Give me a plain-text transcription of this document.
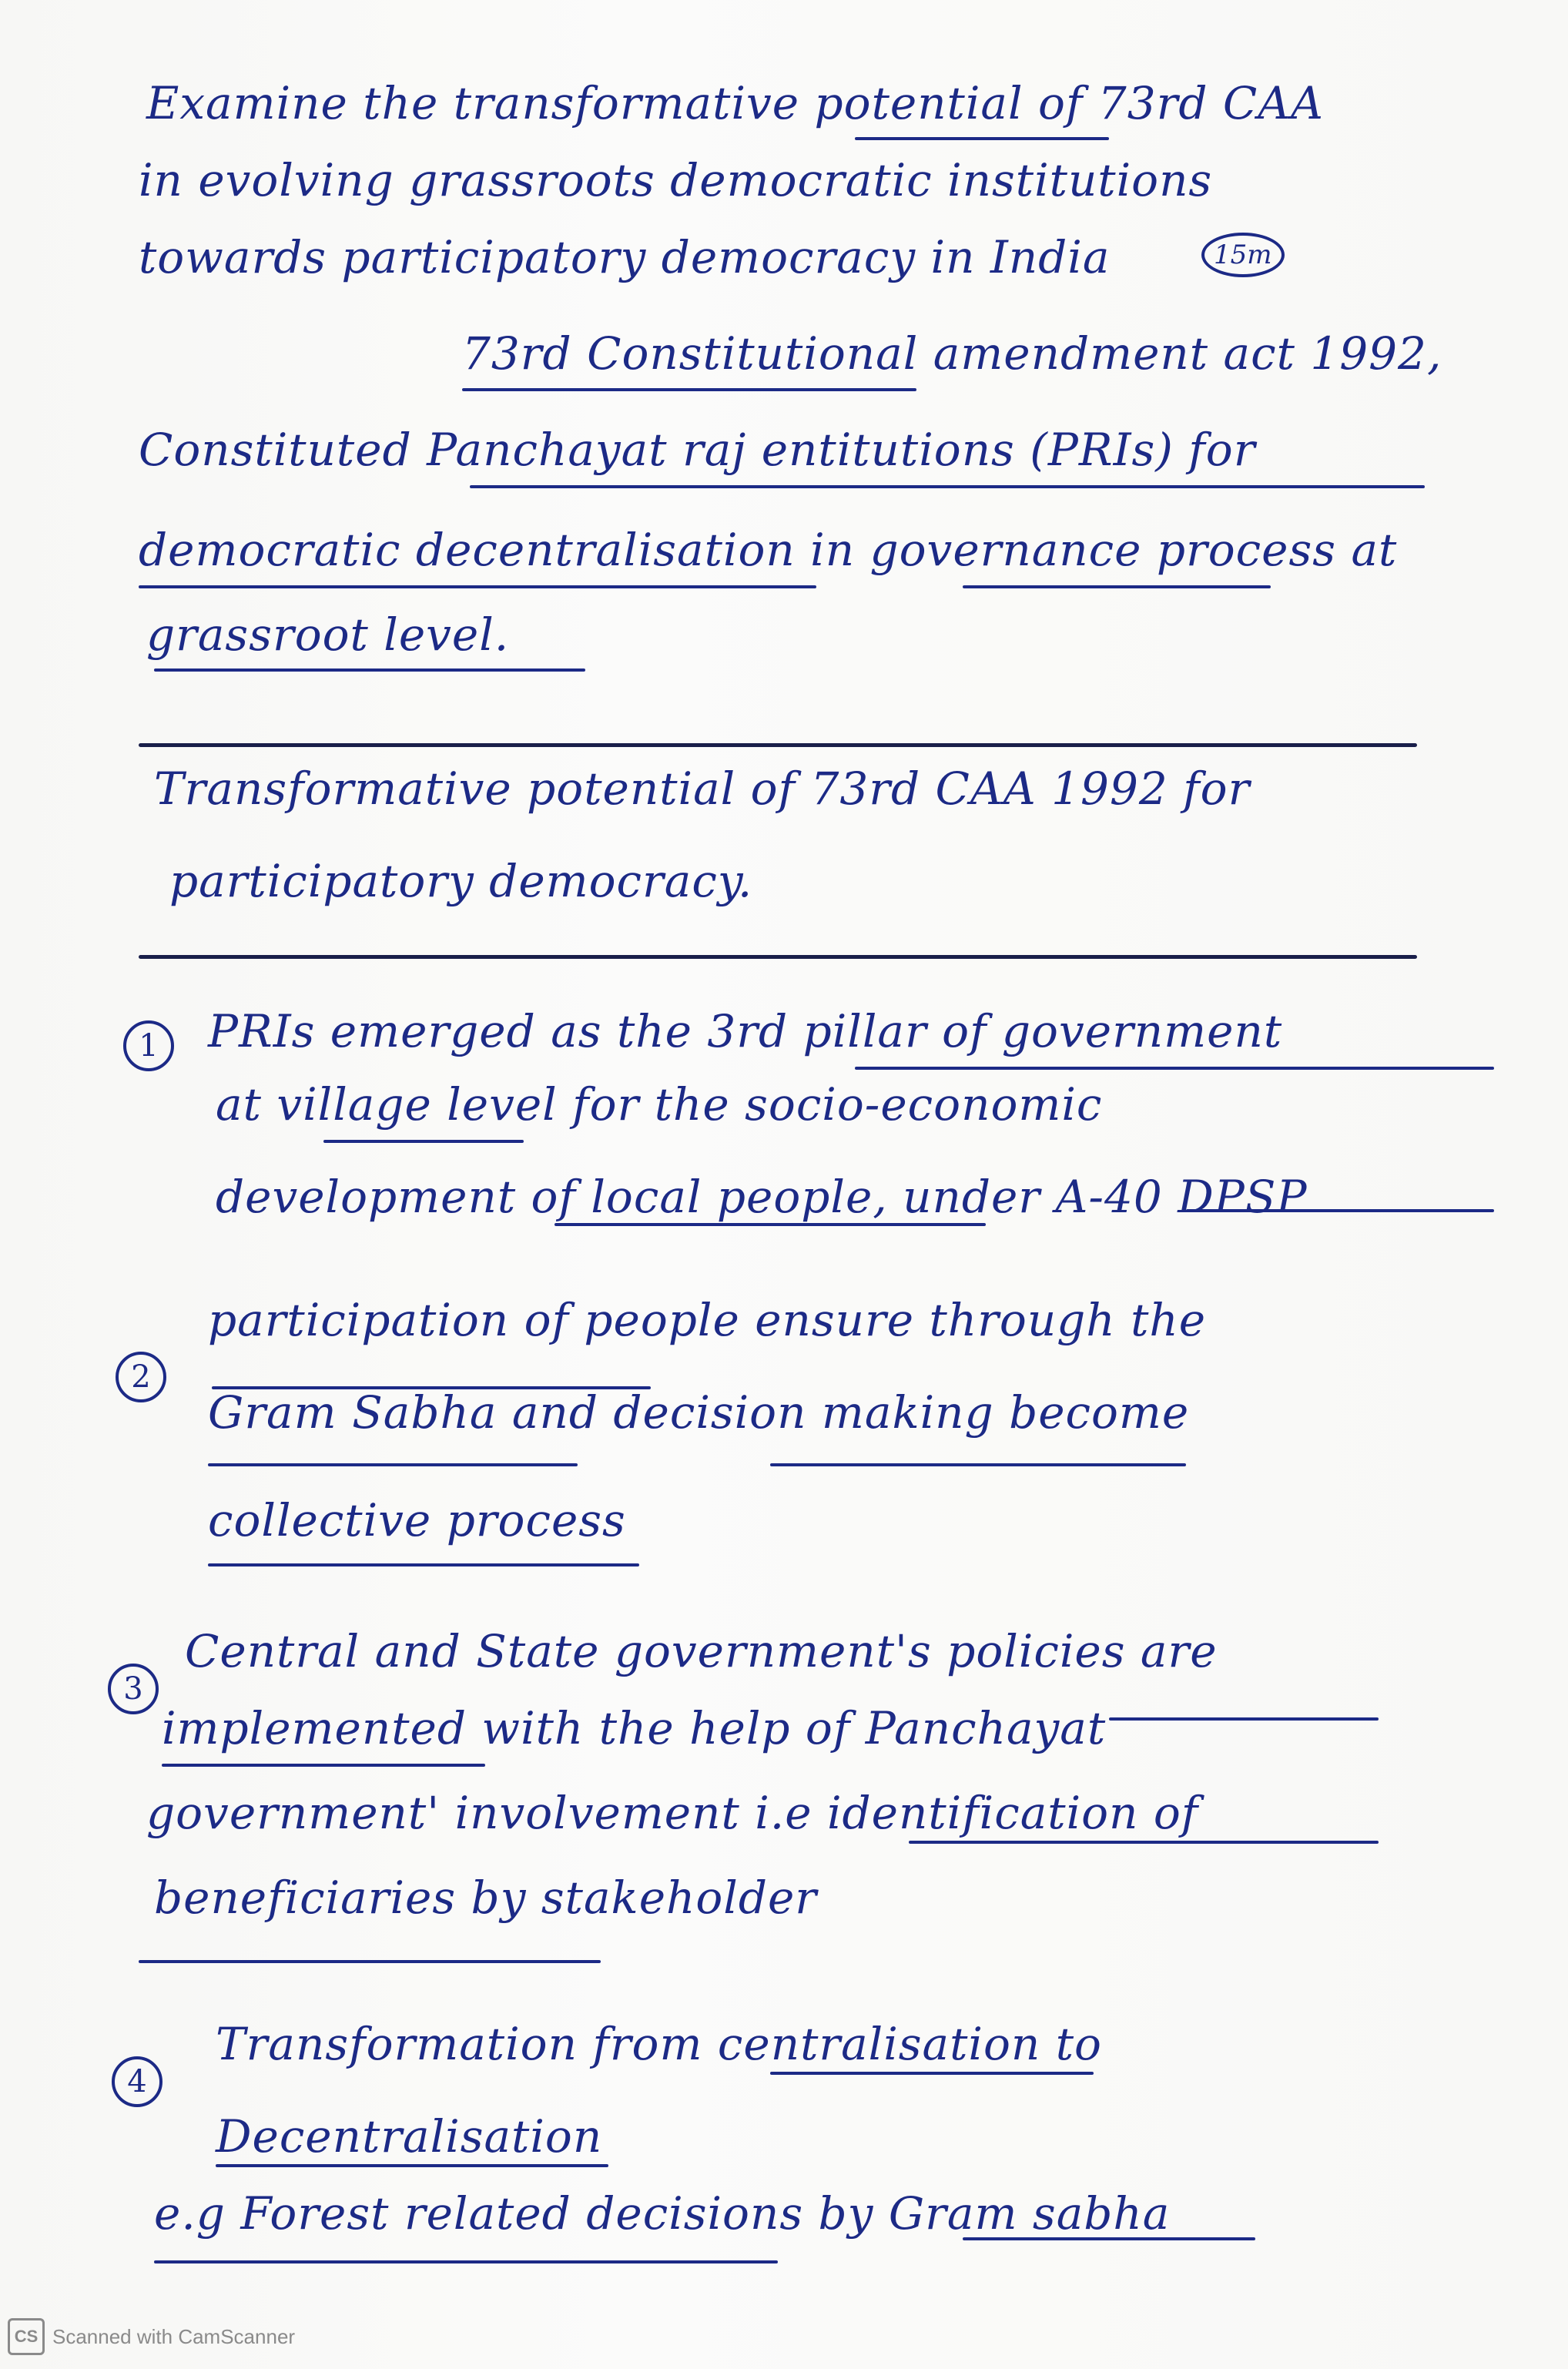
Examine the transformative potential of 73rd CAA
in evolving grassroots democratic institutions
towards participatory democracy in India	15m
73rd Constitutional amendment act 1992,
Constituted Panchayat raj entitutions (PRIs) for
democratic decentralisation in governance process at
grassroot level.
Transformative potential of 73rd CAA 1992 for
participatory democracy.
1	PRIs emerged as the 3rd pillar of government
at village level for the socio-economic
development of local people, under A-40 DPSP
2
participation of people ensure through the
Gram Sabha and decision making become
collective process
3
Central and State government's policies are
implemented with the help of Panchayat
government' involvement i.e identification of
beneficiaries by stakeholder
4
Transformation from centralisation to
Decentralisation
e.g Forest related decisions by Gram sabha
CS Scanned with CamScanner
